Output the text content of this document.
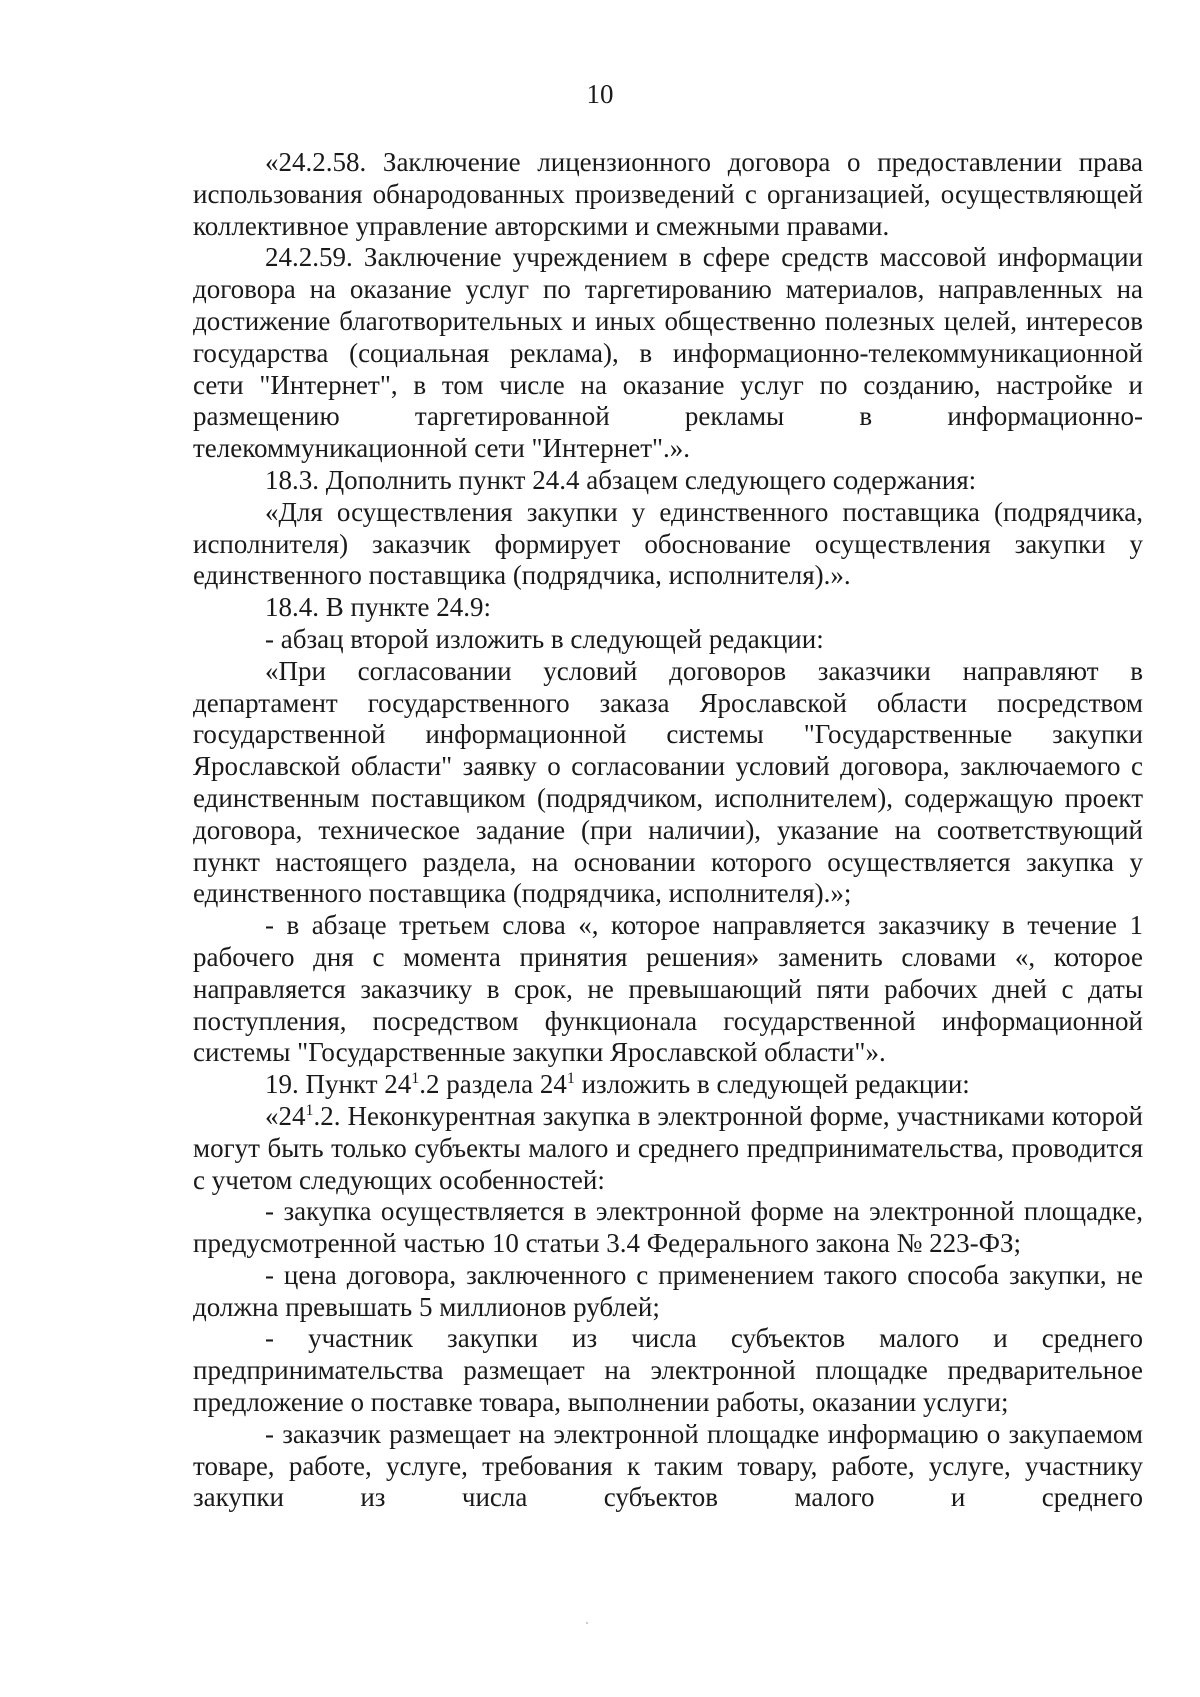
10

«24.2.58. Заключение лицензионного договора о предоставлении права использования обнародованных произведений с организацией, осуществляющей коллективное управление авторскими и смежными правами.

24.2.59. Заключение учреждением в сфере средств массовой информации договора на оказание услуг по таргетированию материалов, направленных на достижение благотворительных и иных общественно полезных целей, интересов государства (социальная реклама), в информационно-телекоммуникационной сети "Интернет", в том числе на оказание услуг по созданию, настройке и размещению таргетированной рекламы в информационно-телекоммуникационной сети "Интернет".».

18.3. Дополнить пункт 24.4 абзацем следующего содержания:

«Для осуществления закупки у единственного поставщика (подрядчика, исполнителя) заказчик формирует обоснование осуществления закупки у единственного поставщика (подрядчика, исполнителя).».

18.4. В пункте 24.9:

- абзац второй изложить в следующей редакции:

«При согласовании условий договоров заказчики направляют в департамент государственного заказа Ярославской области посредством государственной информационной системы "Государственные закупки Ярославской области" заявку о согласовании условий договора, заключаемого с единственным поставщиком (подрядчиком, исполнителем), содержащую проект договора, техническое задание (при наличии), указание на соответствующий пункт настоящего раздела, на основании которого осуществляется закупка у единственного поставщика (подрядчика, исполнителя).»;

- в абзаце третьем слова «, которое направляется заказчику в течение 1 рабочего дня с момента принятия решения» заменить словами «, которое направляется заказчику в срок, не превышающий пяти рабочих дней с даты поступления, посредством функционала государственной информационной системы "Государственные закупки Ярославской области"».

19. Пункт $24^1.2$ раздела $24^1$ изложить в следующей редакции:

«$24^1.2$. Неконкурентная закупка в электронной форме, участниками которой могут быть только субъекты малого и среднего предпринимательства, проводится с учетом следующих особенностей:

- закупка осуществляется в электронной форме на электронной площадке, предусмотренной частью 10 статьи 3.4 Федерального закона № 223-ФЗ;

- цена договора, заключенного с применением такого способа закупки, не должна превышать 5 миллионов рублей;

- участник закупки из числа субъектов малого и среднего предпринимательства размещает на электронной площадке предварительное предложение о поставке товара, выполнении работы, оказании услуги;

- заказчик размещает на электронной площадке информацию о закупаемом товаре, работе, услуге, требования к таким товару, работе, услуге, участнику закупки из числа субъектов малого и среднего
